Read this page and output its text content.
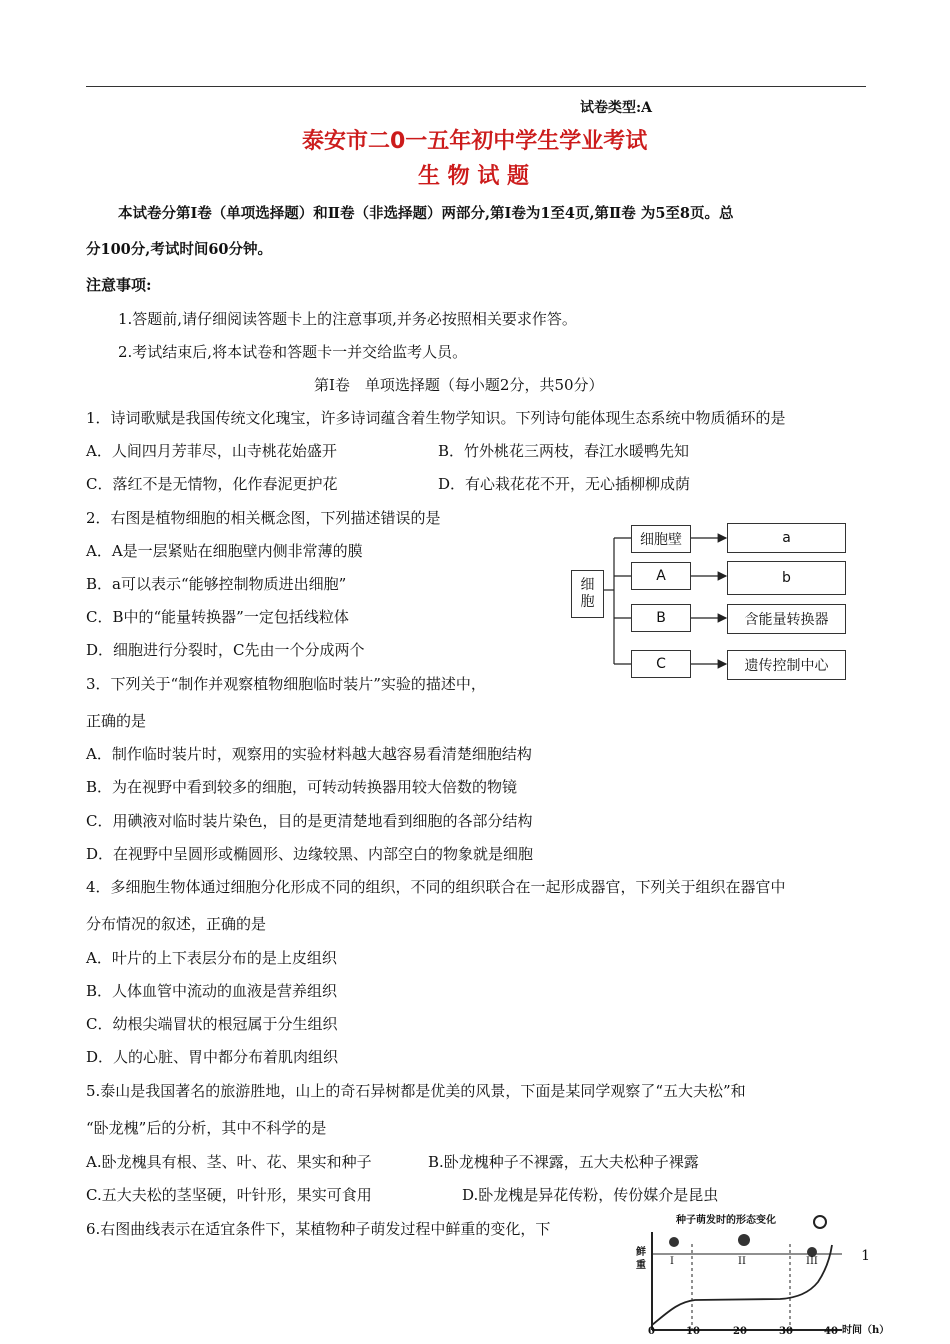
试卷类型:A
泰安市二0一五年初中学生学业考试
生 物 试 题
本试卷分第Ⅰ卷（单项选择题）和Ⅱ卷（非选择题）两部分,第Ⅰ卷为1至4页,第Ⅱ卷 为5至8页。总
分100分,考试时间60分钟。
注意事项:
1.答题前,请仔细阅读答题卡上的注意事项,并务必按照相关要求作答。
2.考试结束后,将本试卷和答题卡一并交给监考人员。
第Ⅰ卷　单项选择题（每小题2分，共50分）
1．诗词歌赋是我国传统文化瑰宝，许多诗词蕴含着生物学知识。下列诗句能体现生态系统中物质循环的是
A．人间四月芳菲尽，山寺桃花始盛开	B．竹外桃花三两枝，春江水暖鸭先知
C．落红不是无情物，化作春泥更护花	D．有心栽花花不开，无心插柳柳成荫
2．右图是植物细胞的相关概念图，下列描述错误的是
A．A是一层紧贴在细胞壁内侧非常薄的膜
B．a可以表示“能够控制物质进出细胞”
C．B中的“能量转换器”一定包括线粒体
D．细胞进行分裂时，C先由一个分成两个
细
胞
细胞壁
A
B
C
a
b
含能量转换器
遗传控制中心
3．下列关于“制作并观察植物细胞临时装片”实验的描述中，
正确的是
A．制作临时装片时，观察用的实验材料越大越容易看清楚细胞结构
B．为在视野中看到较多的细胞，可转动转换器用较大倍数的物镜
C．用碘液对临时装片染色，目的是更清楚地看到细胞的各部分结构
D．在视野中呈圆形或椭圆形、边缘较黑、内部空白的物象就是细胞
4．多细胞生物体通过细胞分化形成不同的组织，不同的组织联合在一起形成器官，下列关于组织在器官中
分布情况的叙述，正确的是
A．叶片的上下表层分布的是上皮组织
B．人体血管中流动的血液是营养组织
C．幼根尖端冒状的根冠属于分生组织
D．人的心脏、胃中都分布着肌肉组织
5.泰山是我国著名的旅游胜地，山上的奇石异树都是优美的风景，下面是某同学观察了“五大夫松”和
“卧龙槐”后的分析，其中不科学的是
A.卧龙槐具有根、茎、叶、花、果实和种子	B.卧龙槐种子不裸露，五大夫松种子裸露
C.五大夫松的茎坚硬，叶针形，果实可食用	D.卧龙槐是异花传粉，传份媒介是昆虫
6.右图曲线表示在适宜条件下，某植物种子萌发过程中鲜重的变化，下	种子萌发时的形态变化
鲜重
时间（h）
I	II	III
0	10	20	30	40
1
